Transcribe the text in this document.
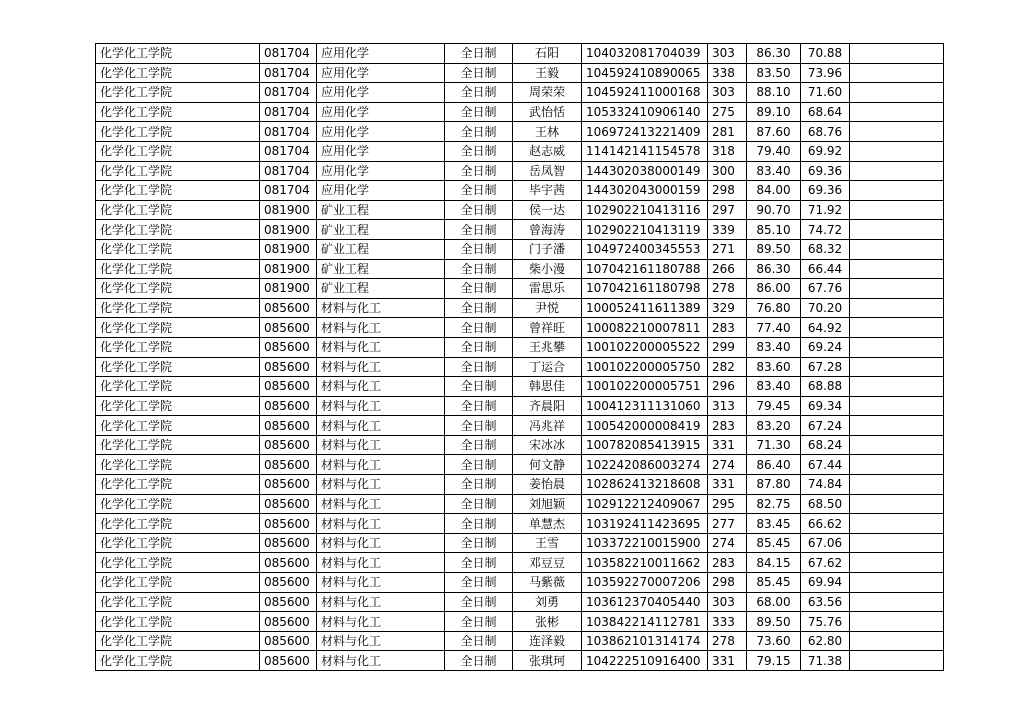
化学化工学院	081704	应用化学	全日制	石阳	104032081704039	303	86.30	70.88	
化学化工学院	081704	应用化学	全日制	王毅	104592410890065	338	83.50	73.96	
化学化工学院	081704	应用化学	全日制	周荣荣	104592411000168	303	88.10	71.60	
化学化工学院	081704	应用化学	全日制	武怡恬	105332410906140	275	89.10	68.64	
化学化工学院	081704	应用化学	全日制	王林	106972413221409	281	87.60	68.76	
化学化工学院	081704	应用化学	全日制	赵志威	114142141154578	318	79.40	69.92	
化学化工学院	081704	应用化学	全日制	岳凤智	144302038000149	300	83.40	69.36	
化学化工学院	081704	应用化学	全日制	毕宇茜	144302043000159	298	84.00	69.36	
化学化工学院	081900	矿业工程	全日制	侯一达	102902210413116	297	90.70	71.92	
化学化工学院	081900	矿业工程	全日制	曾海涛	102902210413119	339	85.10	74.72	
化学化工学院	081900	矿业工程	全日制	门子潘	104972400345553	271	89.50	68.32	
化学化工学院	081900	矿业工程	全日制	柴小漫	107042161180788	266	86.30	66.44	
化学化工学院	081900	矿业工程	全日制	雷思乐	107042161180798	278	86.00	67.76	
化学化工学院	085600	材料与化工	全日制	尹悦	100052411611389	329	76.80	70.20	
化学化工学院	085600	材料与化工	全日制	曾祥旺	100082210007811	283	77.40	64.92	
化学化工学院	085600	材料与化工	全日制	王兆攀	100102200005522	299	83.40	69.24	
化学化工学院	085600	材料与化工	全日制	丁运合	100102200005750	282	83.60	67.28	
化学化工学院	085600	材料与化工	全日制	韩思佳	100102200005751	296	83.40	68.88	
化学化工学院	085600	材料与化工	全日制	齐晨阳	100412311131060	313	79.45	69.34	
化学化工学院	085600	材料与化工	全日制	冯兆祥	100542000008419	283	83.20	67.24	
化学化工学院	085600	材料与化工	全日制	宋冰冰	100782085413915	331	71.30	68.24	
化学化工学院	085600	材料与化工	全日制	何文静	102242086003274	274	86.40	67.44	
化学化工学院	085600	材料与化工	全日制	姜怡晨	102862413218608	331	87.80	74.84	
化学化工学院	085600	材料与化工	全日制	刘旭颖	102912212409067	295	82.75	68.50	
化学化工学院	085600	材料与化工	全日制	单慧杰	103192411423695	277	83.45	66.62	
化学化工学院	085600	材料与化工	全日制	王雪	103372210015900	274	85.45	67.06	
化学化工学院	085600	材料与化工	全日制	邓豆豆	103582210011662	283	84.15	67.62	
化学化工学院	085600	材料与化工	全日制	马紫薇	103592270007206	298	85.45	69.94	
化学化工学院	085600	材料与化工	全日制	刘勇	103612370405440	303	68.00	63.56	
化学化工学院	085600	材料与化工	全日制	张彬	103842214112781	333	89.50	75.76	
化学化工学院	085600	材料与化工	全日制	连泽毅	103862101314174	278	73.60	62.80	
化学化工学院	085600	材料与化工	全日制	张琪珂	104222510916400	331	79.15	71.38	
